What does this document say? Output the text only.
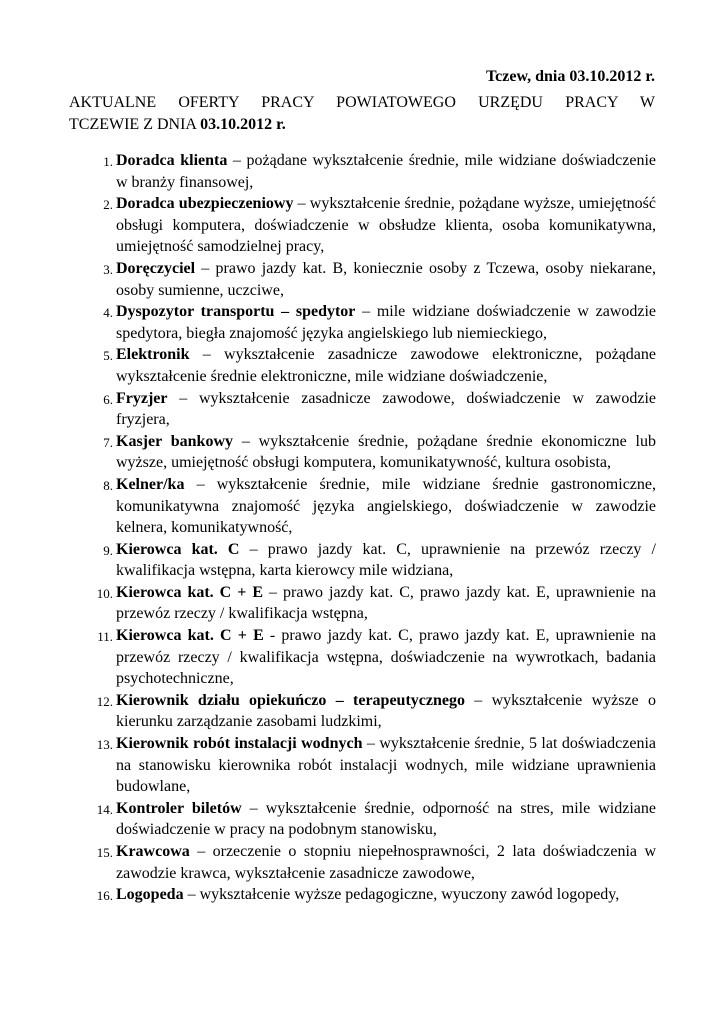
Tczew, dnia 03.10.2012 r.
AKTUALNE OFERTY PRACY POWIATOWEGO URZĘDU PRACY W
TCZEWIE Z DNIA 03.10.2012 r.
1. Doradca klienta – pożądane wykształcenie średnie, mile widziane doświadczenie w branży finansowej,
2. Doradca ubezpieczeniowy – wykształcenie średnie, pożądane wyższe, umiejętność obsługi komputera, doświadczenie w obsłudze klienta, osoba komunikatywna, umiejętność samodzielnej pracy,
3. Doręczyciel – prawo jazdy kat. B, koniecznie osoby z Tczewa, osoby niekarane, osoby sumienne, uczciwe,
4. Dyspozytor transportu – spedytor – mile widziane doświadczenie w zawodzie spedytora, biegła znajomość języka angielskiego lub niemieckiego,
5. Elektronik – wykształcenie zasadnicze zawodowe elektroniczne, pożądane wykształcenie średnie elektroniczne, mile widziane doświadczenie,
6. Fryzjer – wykształcenie zasadnicze zawodowe, doświadczenie w zawodzie fryzjera,
7. Kasjer bankowy – wykształcenie średnie, pożądane średnie ekonomiczne lub wyższe, umiejętność obsługi komputera, komunikatywność, kultura osobista,
8. Kelner/ka – wykształcenie średnie, mile widziane średnie gastronomiczne, komunikatywna znajomość języka angielskiego, doświadczenie w zawodzie kelnera, komunikatywność,
9. Kierowca kat. C – prawo jazdy kat. C, uprawnienie na przewóz rzeczy / kwalifikacja wstępna, karta kierowcy mile widziana,
10. Kierowca kat. C + E – prawo jazdy kat. C, prawo jazdy kat. E, uprawnienie na przewóz rzeczy / kwalifikacja wstępna,
11. Kierowca kat. C + E - prawo jazdy kat. C, prawo jazdy kat. E, uprawnienie na przewóz rzeczy / kwalifikacja wstępna, doświadczenie na wywrotkach, badania psychotechniczne,
12. Kierownik działu opiekuńczo – terapeutycznego – wykształcenie wyższe o kierunku zarządzanie zasobami ludzkimi,
13. Kierownik robót instalacji wodnych – wykształcenie średnie, 5 lat doświadczenia na stanowisku kierownika robót instalacji wodnych, mile widziane uprawnienia budowlane,
14. Kontroler biletów – wykształcenie średnie, odporność na stres, mile widziane doświadczenie w pracy na podobnym stanowisku,
15. Krawcowa – orzeczenie o stopniu niepełnosprawności, 2 lata doświadczenia w zawodzie krawca, wykształcenie zasadnicze zawodowe,
16. Logopeda – wykształcenie wyższe pedagogiczne, wyuczony zawód logopedy,
